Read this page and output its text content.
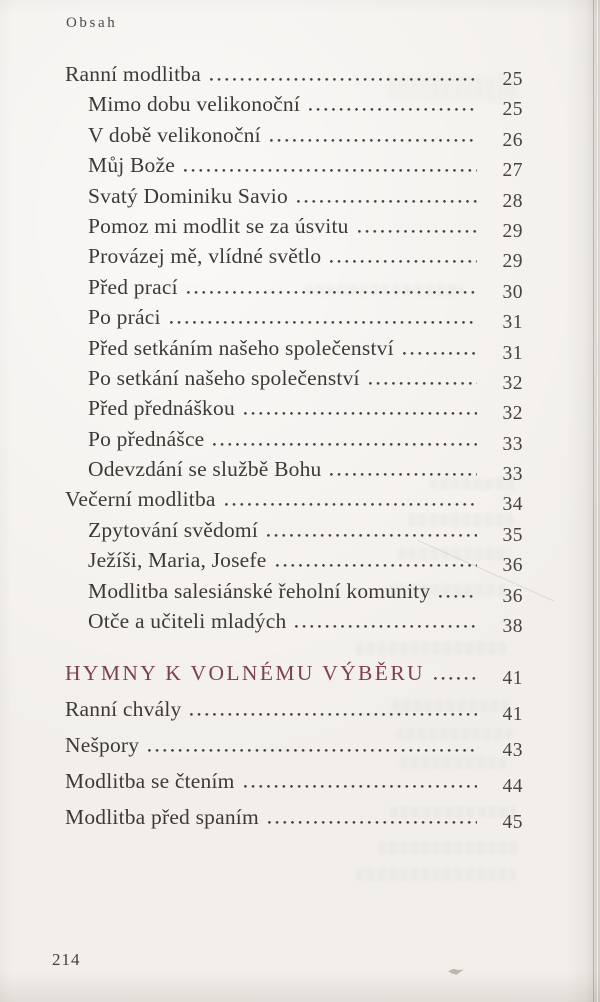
Obsah
Ranní modlitba	25
Mimo dobu velikonoční	25
V době velikonoční	26
Můj Bože	27
Svatý Dominiku Savio	28
Pomoz mi modlit se za úsvitu	29
Provázej mě, vlídné světlo	29
Před prací	30
Po práci	31
Před setkáním našeho společenství	31
Po setkání našeho společenství	32
Před přednáškou	32
Po přednášce	33
Odevzdání se službě Bohu	33
Večerní modlitba	34
Zpytování svědomí	35
Ježíši, Maria, Josefe	36
Modlitba salesiánské řeholní komunity	36
Otče a učiteli mladých	38
HYMNY K VOLNÉMU VÝBĚRU	41
Ranní chvály	41
Nešpory	43
Modlitba se čtením	44
Modlitba před spaním	45
214
